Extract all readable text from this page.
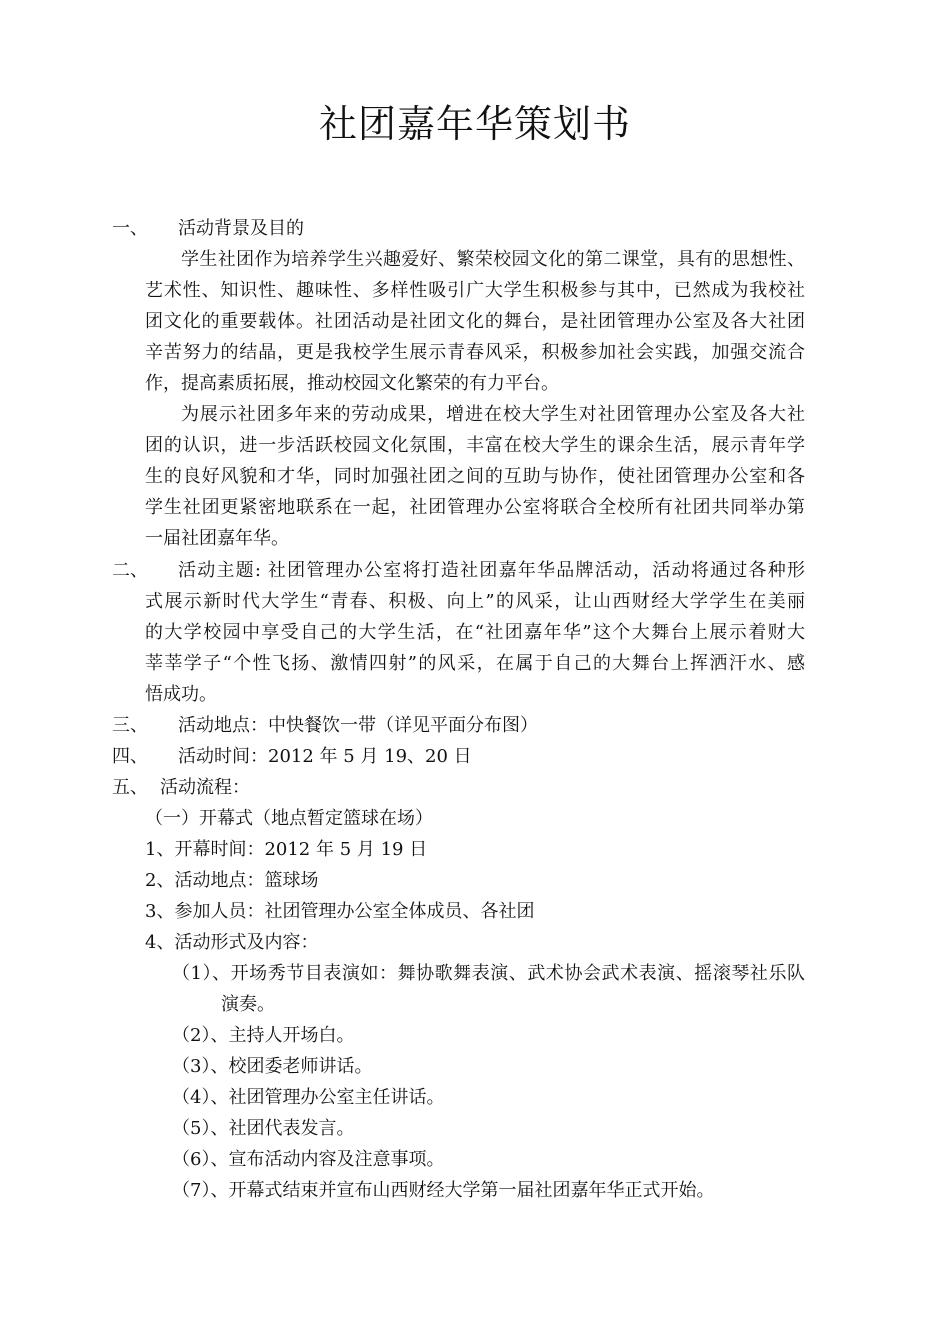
社团嘉年华策划书
一、 活动背景及目的
学生社团作为培养学生兴趣爱好、繁荣校园文化的第二课堂，具有的思想性、
艺术性、知识性、趣味性、多样性吸引广大学生积极参与其中，已然成为我校社
团文化的重要载体。社团活动是社团文化的舞台，是社团管理办公室及各大社团
辛苦努力的结晶，更是我校学生展示青春风采，积极参加社会实践，加强交流合
作，提高素质拓展，推动校园文化繁荣的有力平台。
为展示社团多年来的劳动成果，增进在校大学生对社团管理办公室及各大社
团的认识，进一步活跃校园文化氛围，丰富在校大学生的课余生活，展示青年学
生的良好风貌和才华，同时加强社团之间的互助与协作，使社团管理办公室和各
学生社团更紧密地联系在一起，社团管理办公室将联合全校所有社团共同举办第
一届社团嘉年华。
二、 活动主题: 社团管理办公室将打造社团嘉年华品牌活动，活动将通过各种形
式展示新时代大学生“青春、积极、向上”的风采，让山西财经大学学生在美丽
的大学校园中享受自己的大学生活，在“社团嘉年华”这个大舞台上展示着财大
莘莘学子“个性飞扬、激情四射”的风采，在属于自己的大舞台上挥洒汗水、感
悟成功。
三、 活动地点：中快餐饮一带（详见平面分布图）
四、 活动时间：2012 年 5 月 19、20 日
五、 活动流程：
（一）开幕式（地点暂定篮球在场）
1、开幕时间：2012 年 5 月 19 日
2、活动地点：篮球场
3、参加人员：社团管理办公室全体成员、各社团
4、活动形式及内容：
（1）、开场秀节目表演如：舞协歌舞表演、武术协会武术表演、摇滚琴社乐队
演奏。
（2）、主持人开场白。
（3）、校团委老师讲话。
（4）、社团管理办公室主任讲话。
（5）、社团代表发言。
（6）、宣布活动内容及注意事项。
（7）、开幕式结束并宣布山西财经大学第一届社团嘉年华正式开始。
